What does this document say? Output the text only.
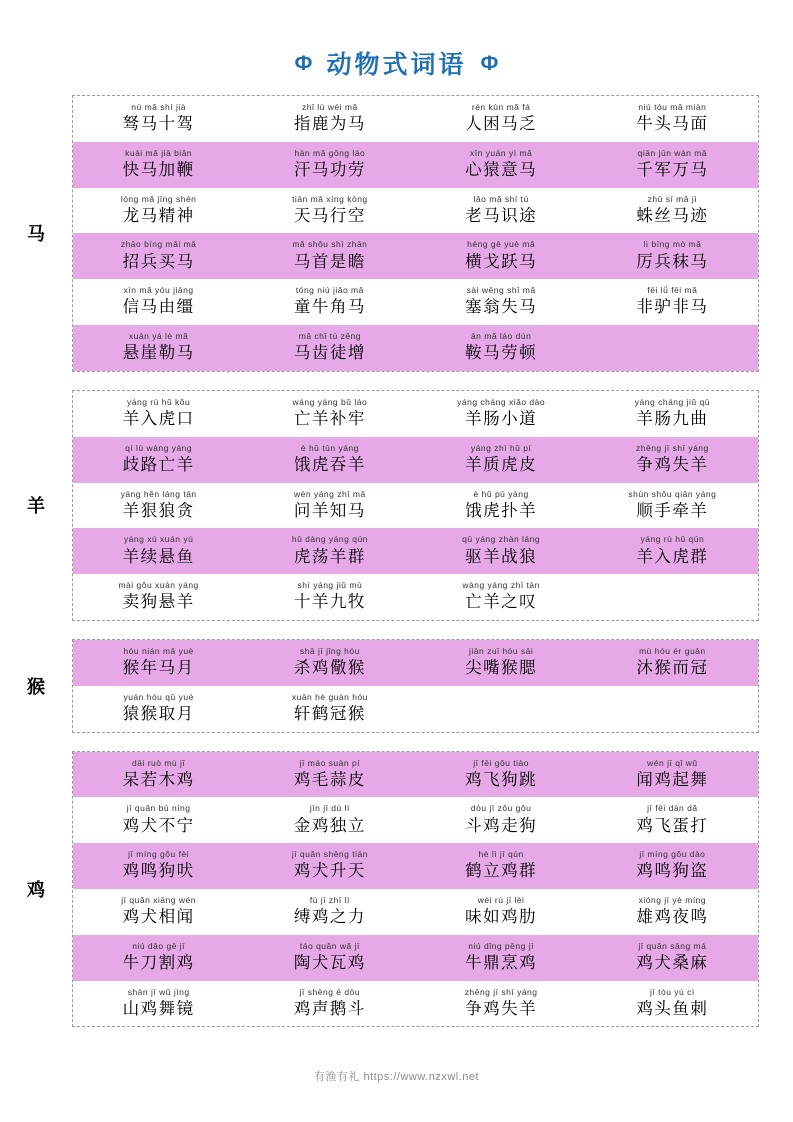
Ф 动物式词语 Ф
马
nú mǎ shí jià
驽马十驾
zhǐ lù wéi mǎ
指鹿为马
rén kùn mǎ fá
人困马乏
niú tóu mǎ miàn
牛头马面
kuài mǎ jiā biān
快马加鞭
hàn mǎ gōng láo
汗马功劳
xīn yuán yì mǎ
心猿意马
qiān jūn wàn mǎ
千军万马
lóng mǎ jīng shén
龙马精神
tiān mǎ xíng kōng
天马行空
lǎo mǎ shí tú
老马识途
zhū sī mǎ jì
蛛丝马迹
zhāo bīng mǎi mǎ
招兵买马
mǎ shǒu shì zhān
马首是瞻
héng gē yuè mǎ
横戈跃马
lì bīng mò mǎ
厉兵秣马
xìn mǎ yóu jiāng
信马由缰
tóng niú jiǎo mǎ
童牛角马
sài wēng shī mǎ
塞翁失马
fēi lǘ fēi mǎ
非驴非马
xuán yá lè mǎ
悬崖勒马
mǎ chǐ tú zēng
马齿徒增
ān mǎ láo dùn
鞍马劳顿
羊
yáng rù hǔ kǒu
羊入虎口
wáng yáng bǔ láo
亡羊补牢
yáng cháng xiǎo dào
羊肠小道
yáng cháng jiǔ qū
羊肠九曲
qí lù wáng yáng
歧路亡羊
è hǔ tūn yáng
饿虎吞羊
yáng zhì hǔ pí
羊质虎皮
zhēng jī shī yáng
争鸡失羊
yáng hěn láng tān
羊狠狼贪
wèn yáng zhī mǎ
问羊知马
è hǔ pū yáng
饿虎扑羊
shùn shǒu qiān yáng
顺手牵羊
yáng xù xuán yú
羊续悬鱼
hǔ dàng yáng qún
虎荡羊群
qū yáng zhàn láng
驱羊战狼
yáng rù hǔ qún
羊入虎群
mài gǒu xuán yáng
卖狗悬羊
shí yáng jiǔ mù
十羊九牧
wáng yáng zhī tàn
亡羊之叹
猴
hóu nián mǎ yuè
猴年马月
shā jī jǐng hóu
杀鸡儆猴
jiān zuǐ hóu sāi
尖嘴猴腮
mù hóu ér guān
沐猴而冠
yuán hóu qǔ yuè
猿猴取月
xuān hè guàn hóu
轩鹤冠猴
鸡
dāi ruò mù jī
呆若木鸡
jī máo suàn pí
鸡毛蒜皮
jī fēi gǒu tiào
鸡飞狗跳
wén jī qǐ wǔ
闻鸡起舞
jī quǎn bù níng
鸡犬不宁
jīn jī dú lì
金鸡独立
dòu jī zǒu gǒu
斗鸡走狗
jī fēi dàn dǎ
鸡飞蛋打
jī míng gǒu fèi
鸡鸣狗吠
jī quǎn shēng tiān
鸡犬升天
hè lì jī qún
鹤立鸡群
jī míng gǒu dào
鸡鸣狗盗
jī quǎn xiāng wén
鸡犬相闻
fù jī zhī lì
缚鸡之力
wèi rú jī lèi
味如鸡肋
xióng jī yè míng
雄鸡夜鸣
niú dāo gē jī
牛刀割鸡
táo quǎn wǎ jī
陶犬瓦鸡
niú dǐng pēng jī
牛鼎烹鸡
jī quǎn sāng má
鸡犬桑麻
shān jī wǔ jìng
山鸡舞镜
jī shēng é dòu
鸡声鹅斗
zhēng jī shī yáng
争鸡失羊
jī tóu yú cì
鸡头鱼刺
有渔有礼 https://www.nzxwl.net
